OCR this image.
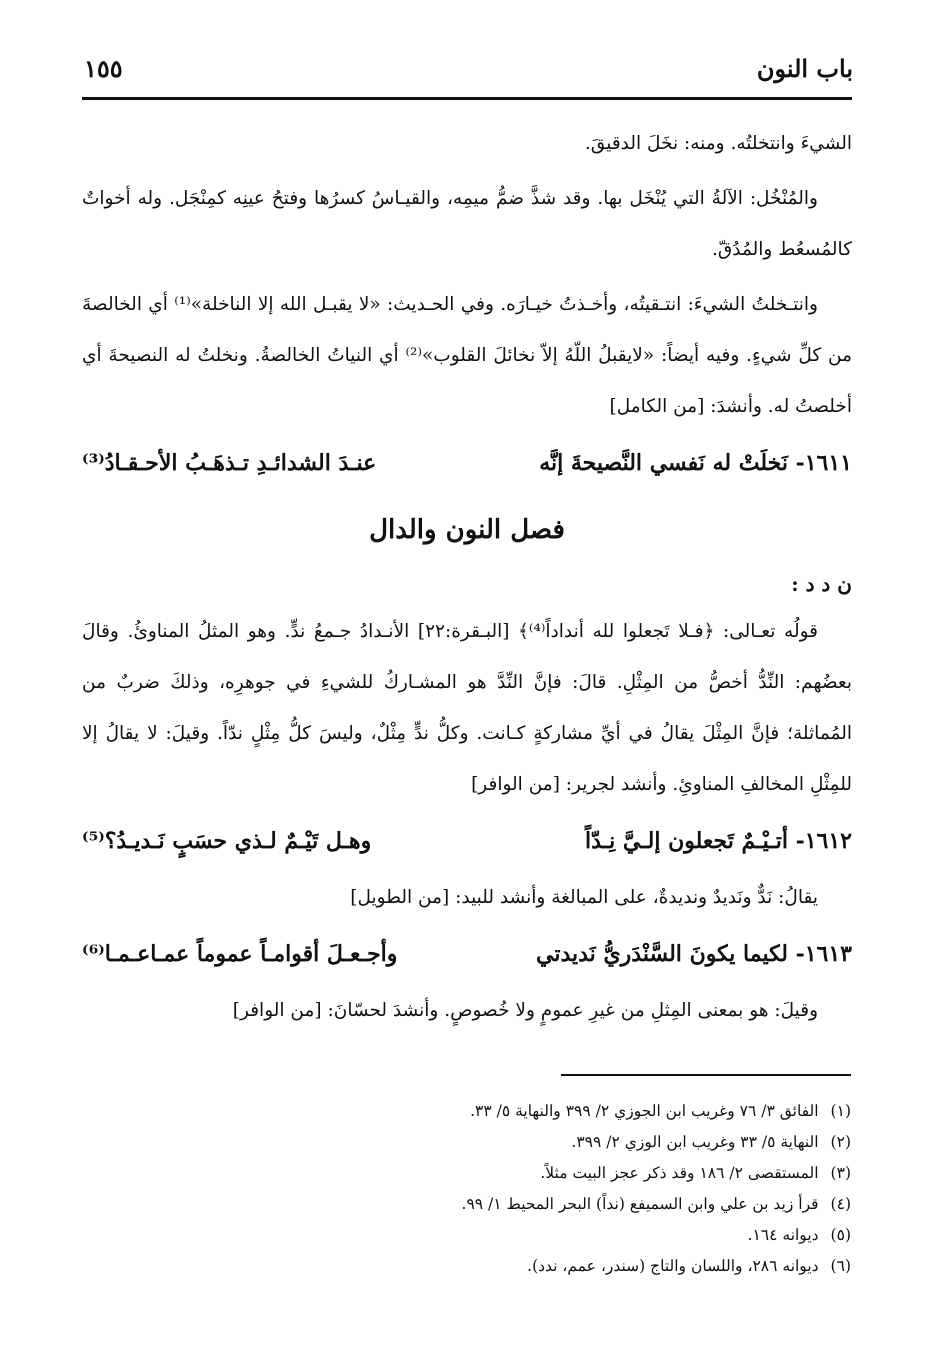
باب النون
١٥٥

الشيءَ وانتخلتُه. ومنه: نخَلَ الدقيقَ.

والمُنْخُل: الآلةُ التي يُنْخَل بها. وقد شذَّ ضمُّ ميمِه، والقيـاسُ كسرُها وفتحُ عينِه كمِنْجَل. وله أخواتٌ كالمُسعُط والمُدُقّ.

وانتـخلتُ الشيءَ: انتـقيتُه، وأخـذتُ خيـارَه. وفي الحـديث: «لا يقبـل الله إلا الناخلة»⁽¹⁾ أي الخالصةَ من كلِّ شيءٍ. وفيه أيضاً: «لايقبلُ اللّهُ إلاّ نخائلَ القلوب»⁽²⁾ أي النياتُ الخالصةُ. ونخلتُ له النصيحةَ أي أخلصتُ له. وأنشدَ: [من الكامل]

١٦١١- نَخلَتْ له نَفسي النَّصيحةَ إنَّه
عنـدَ الشدائـدِ تـذهَـبُ الأحـقـادُ⁽³⁾
فصل النون والدال
ن د د :

قولُه تعـالى: ﴿فـلا تَجعلوا لله أنداداً⁽⁴⁾﴾ [البـقرة:٢٢] الأنـدادُ جـمعُ ندٍّ. وهو المثلُ المناوئُ. وقالَ بعضُهم: النِّدُّ أخصُّ من المِثْلِ. قالَ: فإنَّ النِّدَّ هو المشـاركُ للشيءِ في جوهرِه، وذلكَ ضربٌ من المُماثلة؛ فإنَّ المِثْلَ يقالُ في أيِّ مشاركةٍ كـانت. وكلُّ ندٍّ مِثْلٌ، وليسَ كلُّ مِثْلٍ ندّاً. وقيلَ: لا يقالُ إلا للمِثْلِ المخالفِ المناوئِ. وأنشد لجرير: [من الوافر]

١٦١٢- أتـيْـمٌ تَجعلون إلـيَّ نِـدّاً
وهـل تَيْـمٌ لـذي حسَبٍ نَـديـدُ؟⁽⁵⁾

يقالُ: نَدٌّ ونَديدٌ ونديدةٌ، على المبالغة وأنشد للبيد: [من الطويل]

١٦١٣- لكيما يكونَ السَّنْدَريُّ نَديدتي
وأجـعـلَ أقوامـاً عموماً عمـاعـمـا⁽⁶⁾

وقيلَ: هو بمعنى المِثلِ من غيرِ عمومٍ ولا خُصوصٍ. وأنشدَ لحسّانَ: [من الوافر]

(١)الفائق ٣/ ٧٦ وغريب ابن الجوزي ٢/ ٣٩٩ والنهاية ٥/ ٣٣.
(٢)النهاية ٥/ ٣٣ وغريب ابن الوزي ٢/ ٣٩٩.
(٣)المستقصى ٢/ ١٨٦ وقد ذكر عجز البيت مثلاً.
(٤)قرأ زيد بن علي وابن السميفع (نداً) البحر المحيط ١/ ٩٩.
(٥)ديوانه ١٦٤.
(٦)ديوانه ٢٨٦، واللسان والتاج (سندر، عمم، ندد).
